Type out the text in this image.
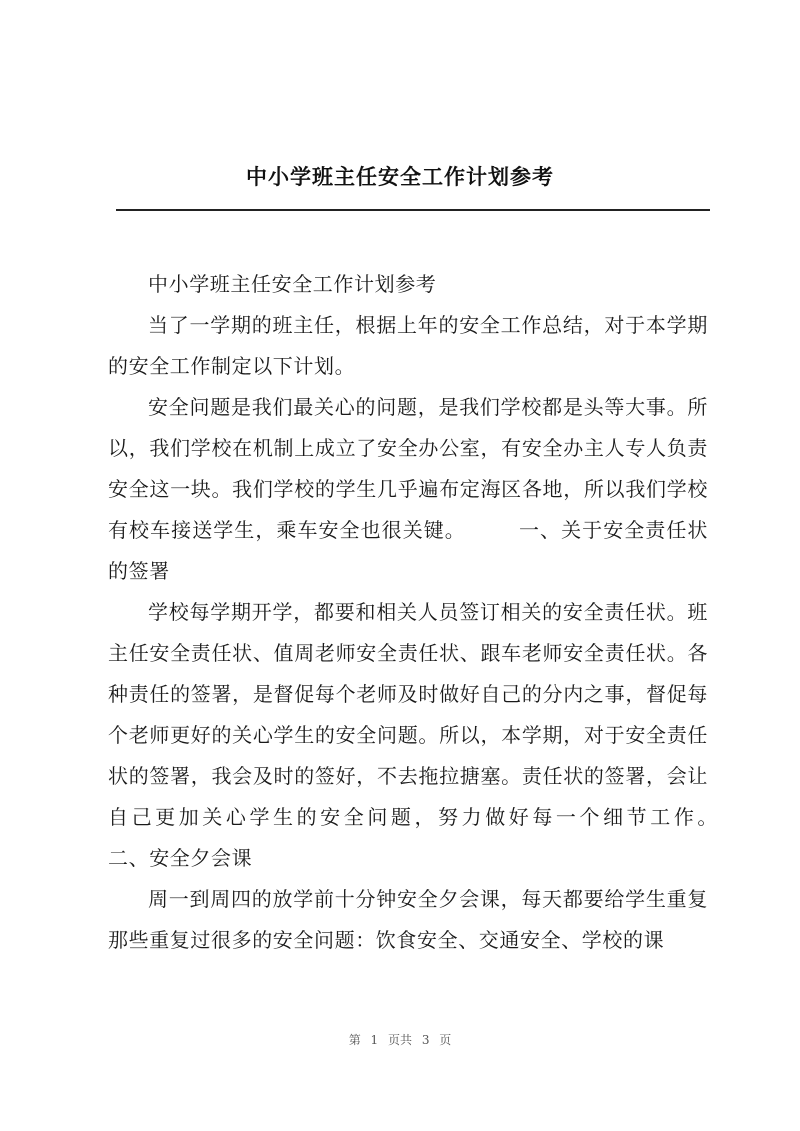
中小学班主任安全工作计划参考

中小学班主任安全工作计划参考

当了一学期的班主任，根据上年的安全工作总结，对于本学期的安全工作制定以下计划。

安全问题是我们最关心的问题，是我们学校都是头等大事。所以，我们学校在机制上成立了安全办公室，有安全办主人专人负责安全这一块。我们学校的学生几乎遍布定海区各地，所以我们学校有校车接送学生，乘车安全也很关键。　　　一、关于安全责任状的签署

学校每学期开学，都要和相关人员签订相关的安全责任状。班主任安全责任状、值周老师安全责任状、跟车老师安全责任状。各种责任的签署，是督促每个老师及时做好自己的分内之事，督促每个老师更好的关心学生的安全问题。所以，本学期，对于安全责任状的签署，我会及时的签好，不去拖拉搪塞。责任状的签署，会让自己更加关心学生的安全问题，努力做好每一个细节工作。　　　二、安全夕会课

周一到周四的放学前十分钟安全夕会课，每天都要给学生重复那些重复过很多的安全问题：饮食安全、交通安全、学校的课

第 1 页共 3 页
